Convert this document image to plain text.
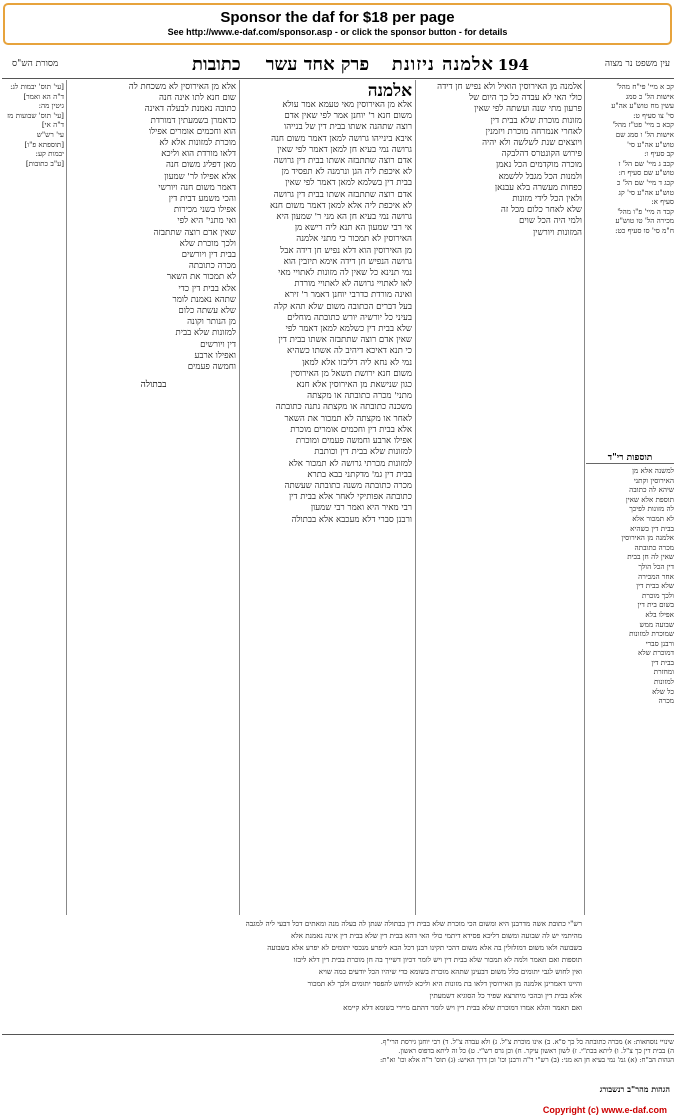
Sponsor the daf for $18 per page
See http://www.e-daf.com/sponsor.asp - or click the sponsor button - for details
עין משפט נר מצוה
194
אלמנה ניזונת
פרק אחד עשר    כתובות
מסורת הש"ס
קכ א מיי' פי"ח מהל'
אישות הל' כ סמג
עשין מח טוש"ע אה"ע
סי' צו סעיף ט:
קכא ב מיי' פט"ז מהל'
אישות הל' ו סמג שם
טוש"ע אה"ע סי'
קב סעיף ו:
קכב ג מיי' שם הל' ז
טוש"ע שם סעיף ח:
קכג ד מיי' שם הל' כ
טוש"ע אה"ע סי' קג
סעיף א:
קכד ה מיי' פ"ו מהל'
מכירה הל' טו טוש"ע
ח"מ סי' סו סעיף כט:
תוספות רי"ד
למשנה אלא מן
האירוסין וקתני
שיהא לה כתובה
תוספת אלא שאין
לה מזונות לפיכך
לא תמכור אלא
בבית דין כשהיא
אלמנה מן האירוסין
מכרה כתובתה
שאין לה חן בבית
דין הכל הולך
אחר המכירה
שלא בבית דין
ולכך מוכרת
בשום בית דין
אפילו בלא
שבועה ממש
שמוכרת למזונות
ורבנן סברי
דמוכרת שלא
בבית דין
ומחזרת
למזונות
כל שלא
מכרה
אלמנה מן האירוסין הואיל ולא נפיש חן דידה
כולי האי לא עבדה כל כך היום של
פרעון מתי שנה ועשתה לפי שאין
מזונות מוכרת שלא בבית דין
לאחרי אנמרחה מוכרת ויזמנין
ויוצאים שנת לשלשה ולא יהיה
פירוש הקונטרס דהלבקה
מוכרה מוקדמים הכל נאמן
ולמנות הכל מגבל ללשמא
כפחות מעשרה בלא עבנאן
ולאין הכל לידי מזונות
שלא לאחר כלום מכל זה
ולמי היה הכל שוים
המזונות ויורשין
אלמנה
אלא מן האירוסין מאי טעמא אמר עולא
משום חנא ר' יוחנן אמר לפי שאין אדם
רוצה שתהנה אשתו בבית דין של בנייהו
איבא בינייהו גרושה למאן דאמר משום חנה
גרושה נמי בעיא חן למאן דאמר לפי שאין
אדם רוצה שתתבזה אשתו בבית דין גרושה
לא איכפת ליה הגן ונרמנה לא תפסיד מן
בבית דין בשלמא למאן דאמר לפי שאין
אדם רוצה שתתבזה אשתו בבית דין גרושה
לא איכפת ליה אלא למאן דאמר משום חנא
גרושה נמי בעיא חן הא מני ר' שמעון היא
אי רבי שמעון הא תנא ליה רישא מן
האירוסין לא תמכור כי מתני אלמנה
מן האירוסין הוא דלא נפיש חן דידה אבל
גרושה הנפיש חן דידה אימא תיזבין הוא
נמי תנינא כל שאין לה מזונות לאתויי מאי
לאו לאתויי גרושה לא לאתויי מורדת
ואינה מורדת כדרבי יוחנן דאמר ר' זירא
בעל דברים הכתובה משום שלא תהא קלה
בעיני כל יורשיה יורש כתובתה מוחלים
שלא בבית דין כשלמא למאן דאמר לפי
שאין אדם רוצה שתתבזה אשתו בבית דין
כי תנא דאיכא דיהיב לה אשתו כשהיא
נמי לא נחא ליה דליבזו אלא למאן
משום חנא ירושת תשאל מן האירוסין
כגון שנישאת מן האירוסין אלא חנא
מתני' מכרה כתובתה או מקצתה
משכנה כתובתה או מקצתה נתנה כתובתה
לאחר או מקצתה לא תמכור את השאר
אלא בבית דין וחכמים אומרים מוכרת
אפילו ארבע וחמשה פעמים ומוכרת
למזונות שלא בבית דין וכותבת
למזונות מכרתי גרושה לא תמכור אלא
בבית דין גמ' מדקתני בבא בתרא
מכרה כתובתה משנה כתובתה שעשתה
כתובתה אפותיקי לאחר אלא בבית דין
רבי מאיר היא ואמר רבי שמעון
ורבנן סברי דלא מעכבא אלא בבתולה
אלא מן האירוסין לא משכחת לה
שום חנא לתו אינה חנה
כתובה נאמנת לבעלה דאינה
כדאמרן בשמעתין דמורדת
הוא וחכמים אומרים אפילו
מוכרת למזונות אלא לא
דלאו מורדת הוא וליכא
מאן דפליג משום חנה
אלא אפילו לר' שמעון
דאמר משום חנה ויורשי
והכי משמע דבית דין
אפילו בשני מכירות
ואי מתני' היא לפי
שאין אדם רוצה שתתבזה
ולכך מוכרת שלא
בבית דין ויורשים
מכרה כתובתה
לא תמכור את השאר
אלא בבית דין כדי
שתהא נאמנת לומר
שלא עשתה כלום
מן הנותר וקונה
למזונות שלא בבית
דין ויורשים
ואפילו ארבע
וחמשה פעמים
בבתולה
[עי' תוס' יבמות לג:
ד"ה הא ואמר]
גיטין מה:
[עי' תוס' שבועות מז
ד"ה אי]
עי' רש"ש
[תוספתא פ"ו]
יבמות קע:
[ע"ב כתובות]
רש"י כתובת אשה מדרבנן היא ומשום הכי מוכרת שלא בבית דין בבתולה שנתן לה בעלה מנה ומאתים דכל דבעי ליה למגבה
מהיתמי יש לה שבועה ומשום דליכא פסידא דיתמי כולי האי דהא בבית דין שלא בבית דין אינה נאמנת אלא
בשבועה ולאו משום דמזלזלין בה אלא משום דהכי תקינו רבנן דכל הבא ליפרע מנכסי יתומים לא יפרע אלא בשבועה
תוספות ואם תאמר ולמה לא תמכור שלא בבית דין ויש לומר דכיון דשייך בה חן מוכרת בבית דין דלא ליבזו
ואין לחוש לגבי יתומים כלל משום דבעינן שתהא מוכרת בשומא כדי שיהיו הכל יודעים כמה שויא
והיינו דאמרינן אלמנה מן האירוסין דלאו בת מזונות היא וליכא למיחש להפסד יתומים ולכך לא תמכור
אלא בבית דין ובהכי מיתרצא שפיר כל הסוגיא דשמעתין
ואם תאמר והלא אמרו דמוכרת שלא בבית דין ויש לומר דהתם מיירי בשומא דלא קיימא
שינויי נוסחאות: א) מכרה כתובתה כל כך ס"א. ב) אינו מוכרת צ"ל. ג) ולא עבדה צ"ל. ד) רבי יוחנן גירסת הרי"ף.
ה) בבית דין כך צ"ל. ו) ליתא בכת"י. ז) לשון ראשון עיקר. ח) וכן גרס רש"י. ט) כל זה ליתא בדפוס ראשון.
הגהות הב"ח: (א) גמ' נמי בעיא חן הא מני: (ב) רש"י ד"ה ורבנן וכו' וכן דרך האיש: (ג) תוס' ד"ה אלא וכו' וא"ת:
הגהות מהר"ב רנשבורג
Copyright (c) www.e-daf.com
